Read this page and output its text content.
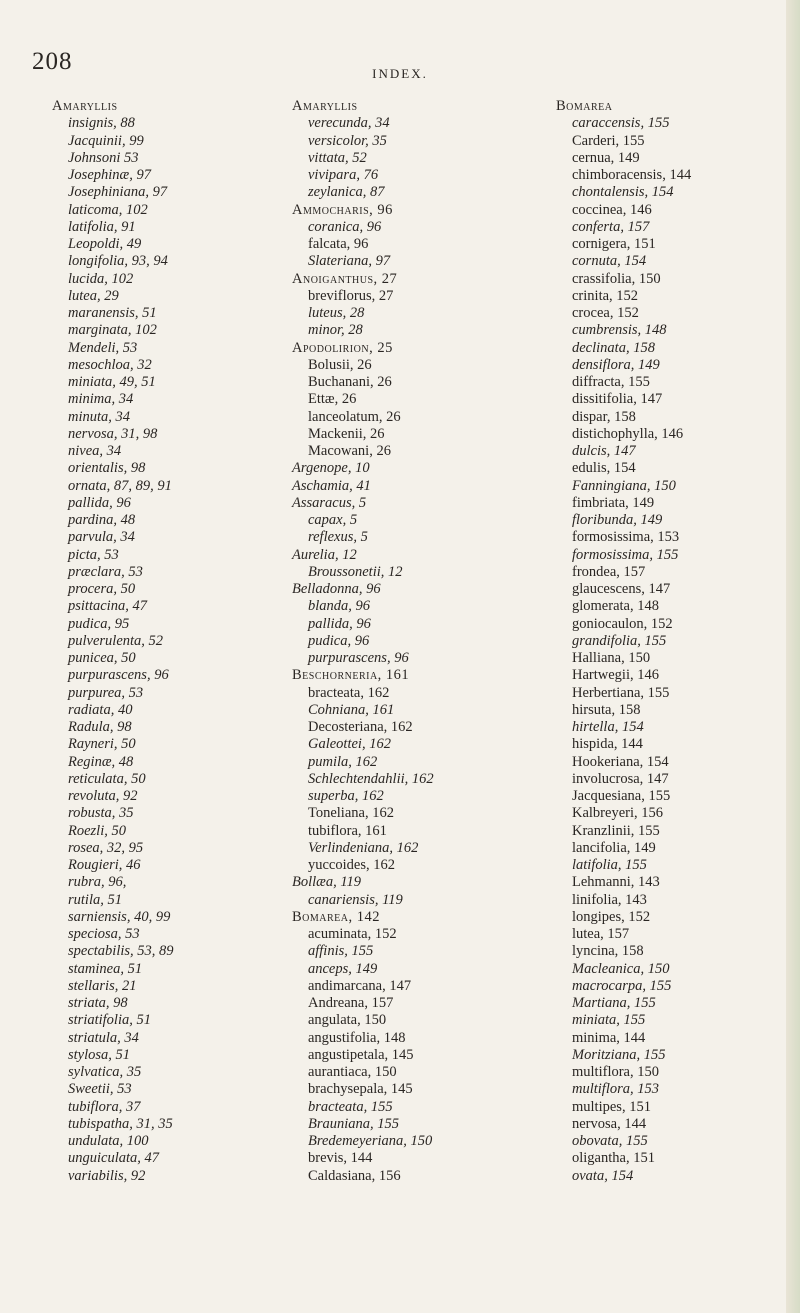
208	INDEX.
Amaryllis
insignis, 88
Jacquinii, 99
Johnsoni 53
Josephinæ, 97
Josephiniana, 97
laticoma, 102
latifolia, 91
Leopoldi, 49
longifolia, 93, 94
lucida, 102
lutea, 29
maranensis, 51
marginata, 102
Mendeli, 53
mesochloa, 32
miniata, 49, 51
minima, 34
minuta, 34
nervosa, 31, 98
nivea, 34
orientalis, 98
ornata, 87, 89, 91
pallida, 96
pardina, 48
parvula, 34
picta, 53
præclara, 53
procera, 50
psittacina, 47
pudica, 95
pulverulenta, 52
punicea, 50
purpurascens, 96
purpurea, 53
radiata, 40
Radula, 98
Rayneri, 50
Reginæ, 48
reticulata, 50
revoluta, 92
robusta, 35
Roezli, 50
rosea, 32, 95
Rougieri, 46
rubra, 96,
rutila, 51
sarniensis, 40, 99
speciosa, 53
spectabilis, 53, 89
staminea, 51
stellaris, 21
striata, 98
striatifolia, 51
striatula, 34
stylosa, 51
sylvatica, 35
Sweetii, 53
tubiflora, 37
tubispatha, 31, 35
undulata, 100
unguiculata, 47
variabilis, 92
Amaryllis
verecunda, 34
versicolor, 35
vittata, 52
vivipara, 76
zeylanica, 87
Ammocharis, 96
coranica, 96
falcata, 96
Slateriana, 97
Anoiganthus, 27
breviflorus, 27
luteus, 28
minor, 28
Apodolirion, 25
Bolusii, 26
Buchanani, 26
Ettæ, 26
lanceolatum, 26
Mackenii, 26
Macowani, 26
Argenope, 10
Aschamia, 41
Assaracus, 5
capax, 5
reflexus, 5
Aurelia, 12
Broussonetii, 12
Belladonna, 96
blanda, 96
pallida, 96
pudica, 96
purpurascens, 96
Beschorneria, 161
bracteata, 162
Cohniana, 161
Decosteriana, 162
Galeottei, 162
pumila, 162
Schlechtendahlii, 162
superba, 162
Toneliana, 162
tubiflora, 161
Verlindeniana, 162
yuccoides, 162
Bollæa, 119
canariensis, 119
Bomarea, 142
acuminata, 152
affinis, 155
anceps, 149
andimarcana, 147
Andreana, 157
angulata, 150
angustifolia, 148
angustipetala, 145
aurantiaca, 150
brachysepala, 145
bracteata, 155
Brauniana, 155
Bredemeyeriana, 150
brevis, 144
Caldasiana, 156
Bomarea
caraccensis, 155
Carderi, 155
cernua, 149
chimboracensis, 144
chontalensis, 154
coccinea, 146
conferta, 157
cornigera, 151
cornuta, 154
crassifolia, 150
crinita, 152
crocea, 152
cumbrensis, 148
declinata, 158
densiflora, 149
diffracta, 155
dissitifolia, 147
dispar, 158
distichophylla, 146
dulcis, 147
edulis, 154
Fanningiana, 150
fimbriata, 149
floribunda, 149
formosissima, 153
formosissima, 155
frondea, 157
glaucescens, 147
glomerata, 148
goniocaulon, 152
grandifolia, 155
Halliana, 150
Hartwegii, 146
Herbertiana, 155
hirsuta, 158
hirtella, 154
hispida, 144
Hookeriana, 154
involucrosa, 147
Jacquesiana, 155
Kalbreyeri, 156
Kranzlinii, 155
lancifolia, 149
latifolia, 155
Lehmanni, 143
linifolia, 143
longipes, 152
lutea, 157
lyncina, 158
Macleanica, 150
macrocarpa, 155
Martiana, 155
miniata, 155
minima, 144
Moritziana, 155
multiflora, 150
multiflora, 153
multipes, 151
nervosa, 144
obovata, 155
oligantha, 151
ovata, 154
